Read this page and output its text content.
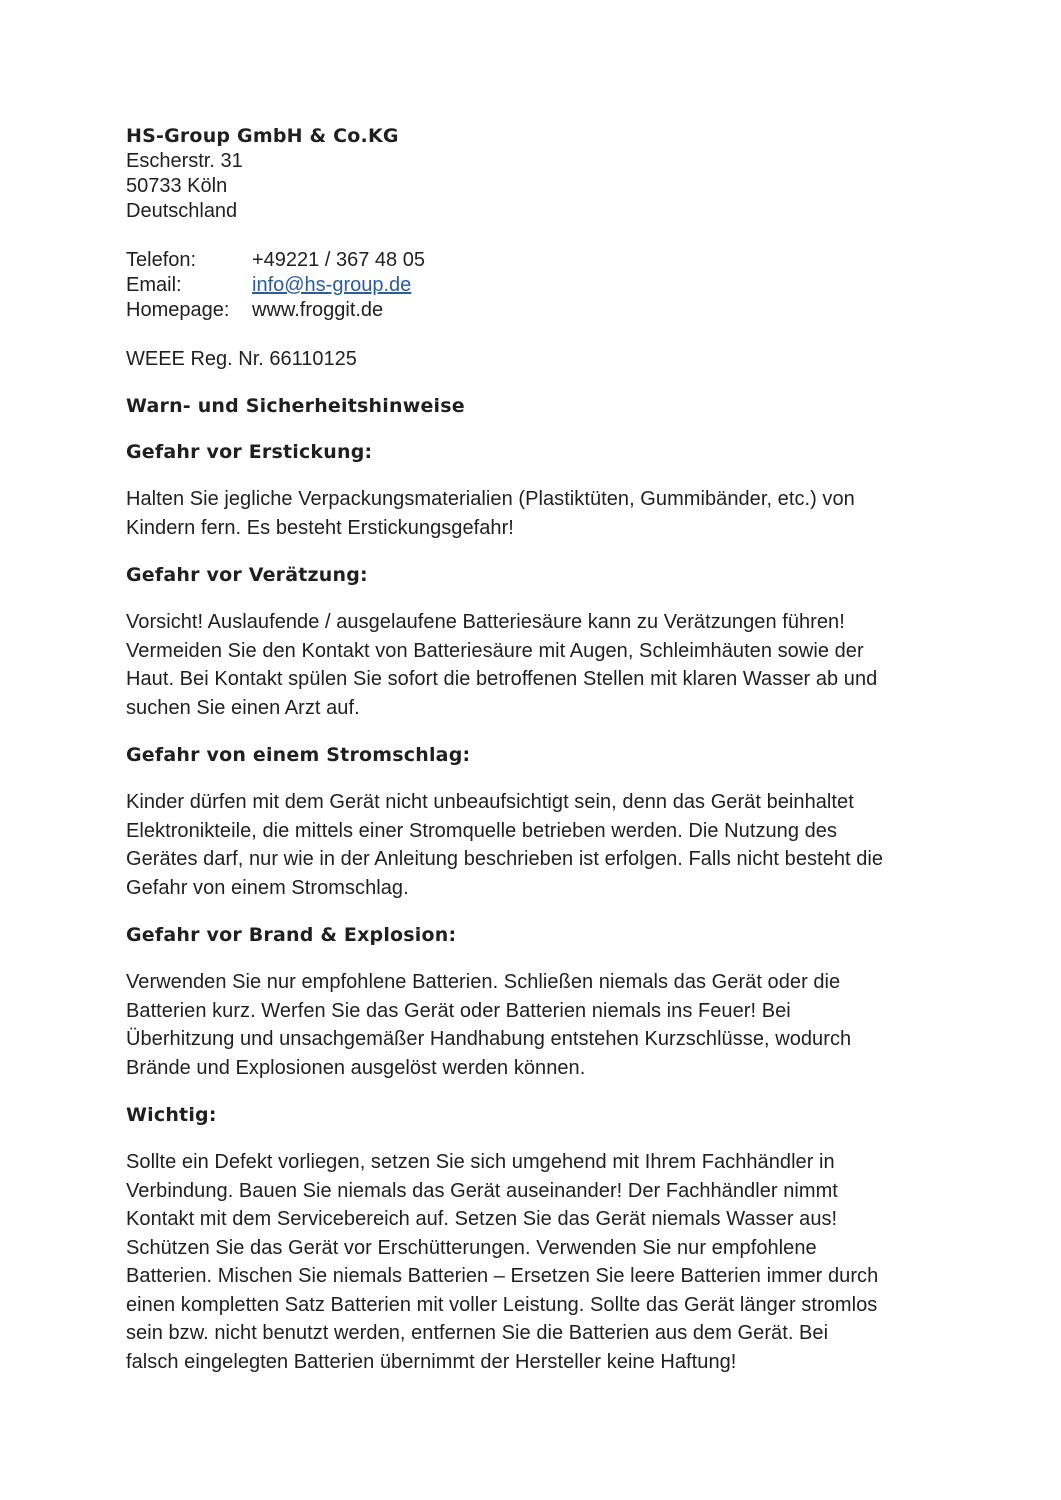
HS-Group GmbH & Co.KG
Escherstr. 31
50733 Köln
Deutschland
Telefon:	+49221 / 367 48 05
Email:	info@hs-group.de
Homepage:	www.froggit.de
WEEE Reg. Nr. 66110125
Warn- und Sicherheitshinweise
Gefahr vor Erstickung:
Halten Sie jegliche Verpackungsmaterialien (Plastiktüten, Gummibänder, etc.) von
Kindern fern. Es besteht Erstickungsgefahr!
Gefahr vor Verätzung:
Vorsicht! Auslaufende / ausgelaufene Batteriesäure kann zu Verätzungen führen!
Vermeiden Sie den Kontakt von Batteriesäure mit Augen, Schleimhäuten sowie der
Haut. Bei Kontakt spülen Sie sofort die betroffenen Stellen mit klaren Wasser ab und
suchen Sie einen Arzt auf.
Gefahr von einem Stromschlag:
Kinder dürfen mit dem Gerät nicht unbeaufsichtigt sein, denn das Gerät beinhaltet
Elektronikteile, die mittels einer Stromquelle betrieben werden. Die Nutzung des
Gerätes darf, nur wie in der Anleitung beschrieben ist erfolgen. Falls nicht besteht die
Gefahr von einem Stromschlag.
Gefahr vor Brand & Explosion:
Verwenden Sie nur empfohlene Batterien. Schließen niemals das Gerät oder die
Batterien kurz. Werfen Sie das Gerät oder Batterien niemals ins Feuer! Bei
Überhitzung und unsachgemäßer Handhabung entstehen Kurzschlüsse, wodurch
Brände und Explosionen ausgelöst werden können.
Wichtig:
Sollte ein Defekt vorliegen, setzen Sie sich umgehend mit Ihrem Fachhändler in
Verbindung. Bauen Sie niemals das Gerät auseinander! Der Fachhändler nimmt
Kontakt mit dem Servicebereich auf. Setzen Sie das Gerät niemals Wasser aus!
Schützen Sie das Gerät vor Erschütterungen. Verwenden Sie nur empfohlene
Batterien. Mischen Sie niemals Batterien – Ersetzen Sie leere Batterien immer durch
einen kompletten Satz Batterien mit voller Leistung. Sollte das Gerät länger stromlos
sein bzw. nicht benutzt werden, entfernen Sie die Batterien aus dem Gerät. Bei
falsch eingelegten Batterien übernimmt der Hersteller keine Haftung!
